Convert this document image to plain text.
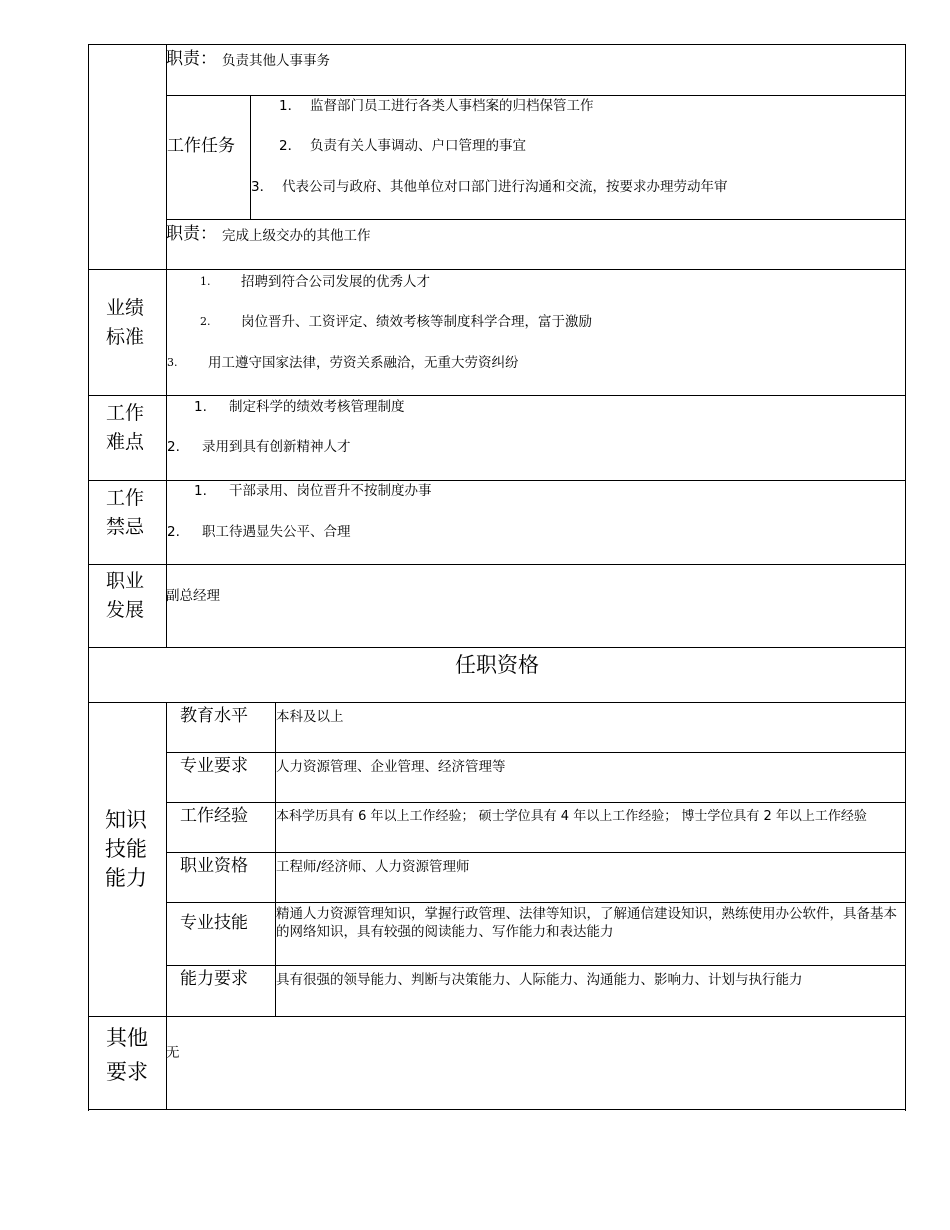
职责： 负责其他人事事务
工作任务
1． 监督部门员工进行各类人事档案的归档保管工作
2． 负责有关人事调动、户口管理的事宜
3． 代表公司与政府、其他单位对口部门进行沟通和交流，按要求办理劳动年审
职责： 完成上级交办的其他工作
业绩
标准
1. 招聘到符合公司发展的优秀人才
2. 岗位晋升、工资评定、绩效考核等制度科学合理，富于激励
3. 用工遵守国家法律，劳资关系融洽，无重大劳资纠纷
工作
难点
1. 制定科学的绩效考核管理制度
2. 录用到具有创新精神人才
工作
禁忌
1. 干部录用、岗位晋升不按制度办事
2. 职工待遇显失公平、合理
职业
发展
副总经理
任职资格
知识
技能
能力
教育水平 本科及以上
专业要求 人力资源管理、企业管理、经济管理等
工作经验 本科学历具有 6 年以上工作经验； 硕士学位具有 4 年以上工作经验； 博士学位具有 2 年以上工作经验
职业资格 工程师/经济师、人力资源管理师
专业技能 精通人力资源管理知识，掌握行政管理、法律等知识，了解通信建设知识，熟练使用办公软件，具备基本的网络知识，具有较强的阅读能力、写作能力和表达能力
能力要求 具有很强的领导能力、判断与决策能力、人际能力、沟通能力、影响力、计划与执行能力
其他
要求
无
